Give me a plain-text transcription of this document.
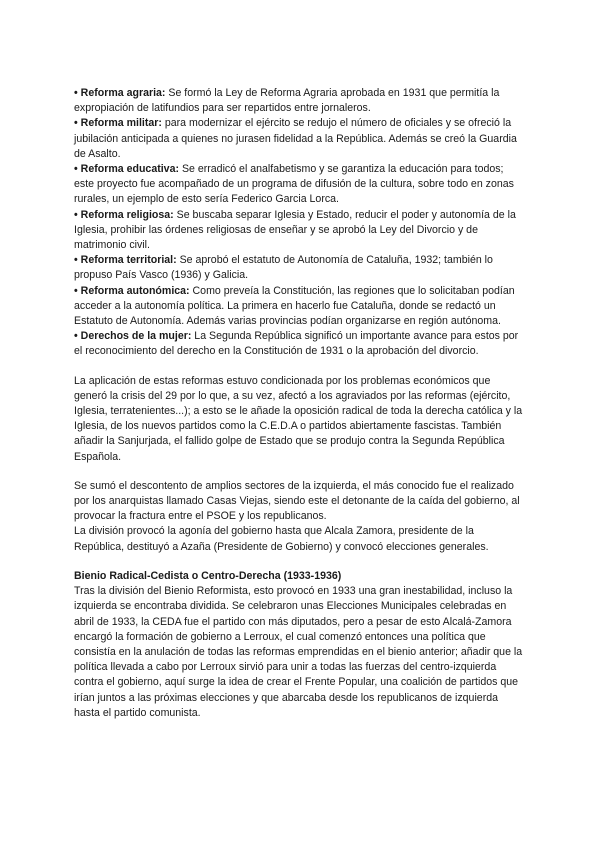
• Reforma agraria: Se formó la Ley de Reforma Agraria aprobada en 1931 que permitía la expropiación de latifundios para ser repartidos entre jornaleros.

• Reforma militar: para modernizar el ejército se redujo el número de oficiales y se ofreció la jubilación anticipada a quienes no jurasen fidelidad a la República. Además se creó la Guardia de Asalto.

• Reforma educativa: Se erradicó el analfabetismo y se garantiza la educación para todos; este proyecto fue acompañado de un programa de difusión de la cultura, sobre todo en zonas rurales, un ejemplo de esto sería Federico Garcia Lorca.

• Reforma religiosa: Se buscaba separar Iglesia y Estado, reducir el poder y autonomía de la Iglesia, prohibir las órdenes religiosas de enseñar y se aprobó la Ley del Divorcio y de matrimonio civil.

• Reforma territorial: Se aprobó el estatuto de Autonomía de Cataluña, 1932; también lo propuso País Vasco (1936) y Galicia.

• Reforma autonómica: Como preveía la Constitución, las regiones que lo solicitaban podían acceder a la autonomía política. La primera en hacerlo fue Cataluña, donde se redactó un Estatuto de Autonomía. Además varias provincias podían organizarse en región autónoma.

• Derechos de la mujer: La Segunda República significó un importante avance para estos por el reconocimiento del derecho en la Constitución de 1931 o la aprobación del divorcio.

La aplicación de estas reformas estuvo condicionada por los problemas económicos que generó la crisis del 29 por lo que, a su vez, afectó a los agraviados por las reformas (ejército, Iglesia, terratenientes...); a esto se le añade la oposición radical de toda la derecha católica y la Iglesia, de los nuevos partidos como la C.E.D.A o partidos abiertamente fascistas. También añadir la Sanjurjada, el fallido golpe de Estado que se produjo contra la Segunda República Española.

Se sumó el descontento de amplios sectores de la izquierda, el más conocido fue el realizado por los anarquistas llamado Casas Viejas, siendo este el detonante de la caída del gobierno, al provocar la fractura entre el PSOE y los republicanos.

La división provocó la agonía del gobierno hasta que Alcala Zamora, presidente de la República, destituyó a Azaña (Presidente de Gobierno) y convocó elecciones generales.

Bienio Radical-Cedista o Centro-Derecha (1933-1936)

Tras la división del Bienio Reformista, esto provocó en 1933 una gran inestabilidad, incluso la izquierda se encontraba dividida. Se celebraron unas Elecciones Municipales celebradas en abril de 1933, la CEDA fue el partido con más diputados, pero a pesar de esto Alcalá-Zamora encargó la formación de gobierno a Lerroux, el cual comenzó entonces una política que consistía en la anulación de todas las reformas emprendidas en el bienio anterior; añadir que la política llevada a cabo por Lerroux sirvió para unir a todas las fuerzas del centro-izquierda contra el gobierno, aquí surge la idea de crear el Frente Popular, una coalición de partidos que irían juntos a las próximas elecciones y que abarcaba desde los republicanos de izquierda hasta el partido comunista.
